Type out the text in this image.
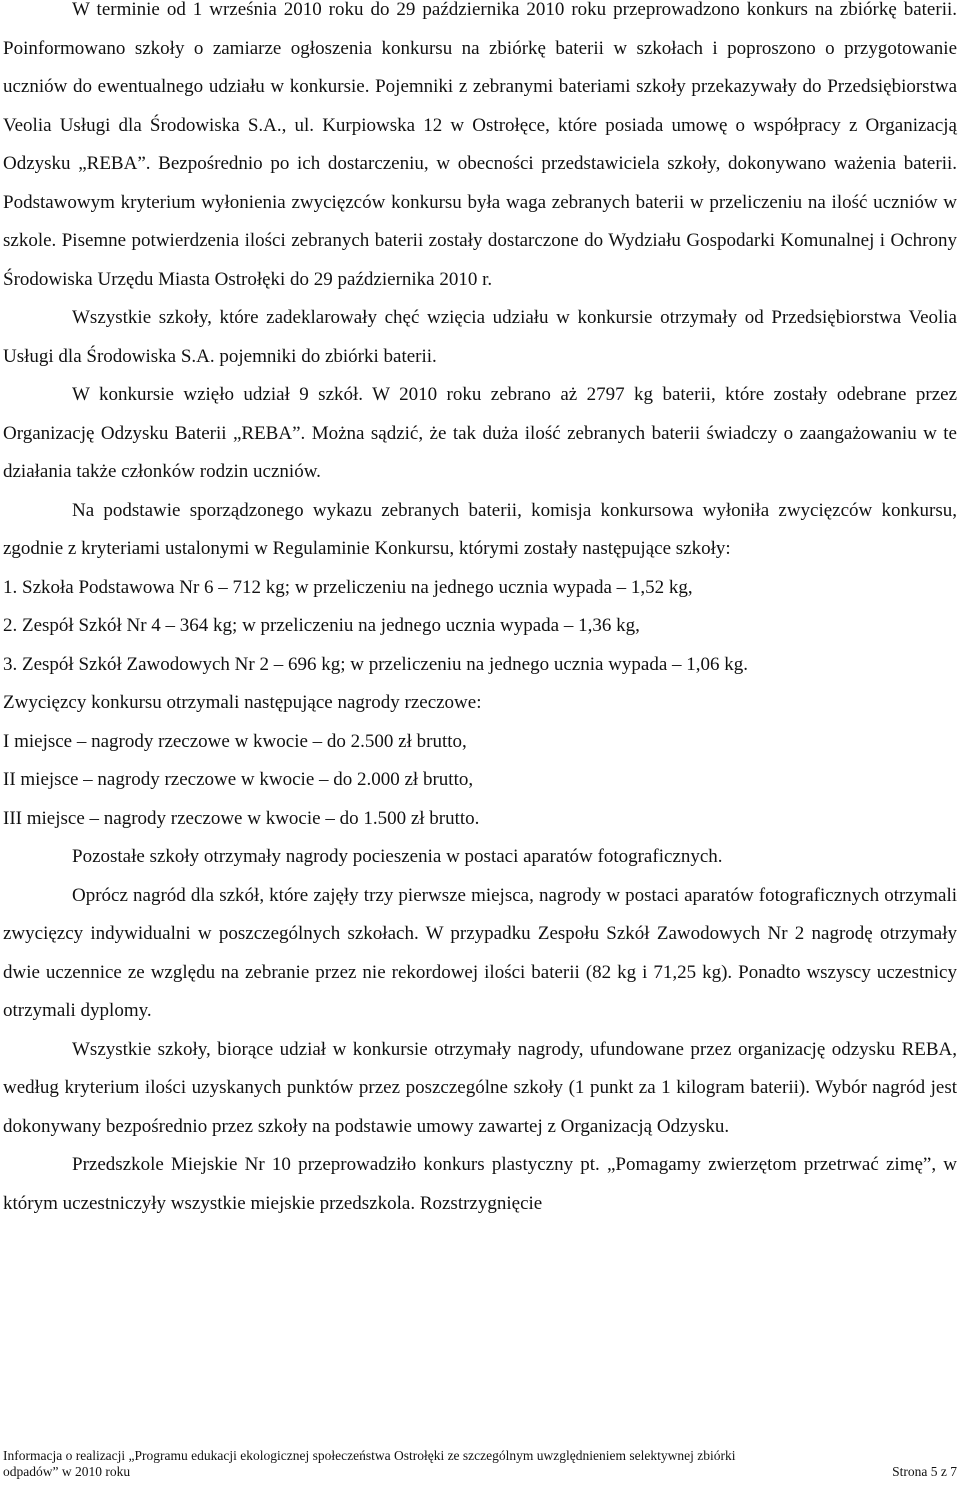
W terminie od 1 września 2010 roku do 29 października 2010 roku przeprowadzono konkurs na zbiórkę baterii. Poinformowano szkoły o zamiarze ogłoszenia konkursu na zbiórkę baterii w szkołach i poproszono o przygotowanie uczniów do ewentualnego udziału w konkursie. Pojemniki z zebranymi bateriami szkoły przekazywały do Przedsiębiorstwa Veolia Usługi dla Środowiska S.A., ul. Kurpiowska 12 w Ostrołęce, które posiada umowę o współpracy z Organizacją Odzysku „REBA”. Bezpośrednio po ich dostarczeniu, w obecności przedstawiciela szkoły, dokonywano ważenia baterii. Podstawowym kryterium wyłonienia zwycięzców konkursu była waga zebranych baterii w przeliczeniu na ilość uczniów w szkole. Pisemne potwierdzenia ilości zebranych baterii zostały dostarczone do Wydziału Gospodarki Komunalnej i Ochrony Środowiska Urzędu Miasta Ostrołęki do 29 października 2010 r.

Wszystkie szkoły, które zadeklarowały chęć wzięcia udziału w konkursie otrzymały od Przedsiębiorstwa Veolia Usługi dla Środowiska S.A. pojemniki do zbiórki baterii.

W konkursie wzięło udział 9 szkół. W 2010 roku zebrano aż 2797 kg baterii, które zostały odebrane przez Organizację Odzysku Baterii „REBA”. Można sądzić, że tak duża ilość zebranych baterii świadczy o zaangażowaniu w te działania także członków rodzin uczniów.

Na podstawie sporządzonego wykazu zebranych baterii, komisja konkursowa wyłoniła zwycięzców konkursu, zgodnie z kryteriami ustalonymi w Regulaminie Konkursu, którymi zostały następujące szkoły:

1. Szkoła Podstawowa Nr 6 – 712 kg; w przeliczeniu na jednego ucznia wypada – 1,52 kg,

2. Zespół Szkół Nr 4 – 364 kg; w przeliczeniu na jednego ucznia wypada – 1,36 kg,

3. Zespół Szkół Zawodowych Nr 2 – 696 kg; w przeliczeniu na jednego ucznia wypada – 1,06 kg.

Zwycięzcy konkursu otrzymali następujące nagrody rzeczowe:

I miejsce – nagrody rzeczowe w kwocie – do 2.500 zł brutto,

II miejsce – nagrody rzeczowe w kwocie – do 2.000 zł brutto,

III miejsce – nagrody rzeczowe w kwocie – do 1.500 zł brutto.

Pozostałe szkoły otrzymały nagrody pocieszenia w postaci aparatów fotograficznych.

Oprócz nagród dla szkół, które zajęły trzy pierwsze miejsca, nagrody w postaci aparatów fotograficznych otrzymali zwycięzcy indywidualni w poszczególnych szkołach. W przypadku Zespołu Szkół Zawodowych Nr 2 nagrodę otrzymały dwie uczennice ze względu na zebranie przez nie rekordowej ilości baterii (82 kg i 71,25 kg). Ponadto wszyscy uczestnicy otrzymali dyplomy.

Wszystkie szkoły, biorące udział w konkursie otrzymały nagrody, ufundowane przez organizację odzysku REBA, według kryterium ilości uzyskanych punktów przez poszczególne szkoły (1 punkt za 1 kilogram baterii). Wybór nagród jest dokonywany bezpośrednio przez szkoły na podstawie umowy zawartej z Organizacją Odzysku.

Przedszkole Miejskie Nr 10 przeprowadziło konkurs plastyczny pt. „Pomagamy zwierzętom przetrwać zimę”, w którym uczestniczyły wszystkie miejskie przedszkola. Rozstrzygnięcie

Informacja o realizacji „Programu edukacji ekologicznej społeczeństwa Ostrołęki ze szczególnym uwzględnieniem selektywnej zbiórki
odpadów” w 2010 roku	Strona 5 z 7
